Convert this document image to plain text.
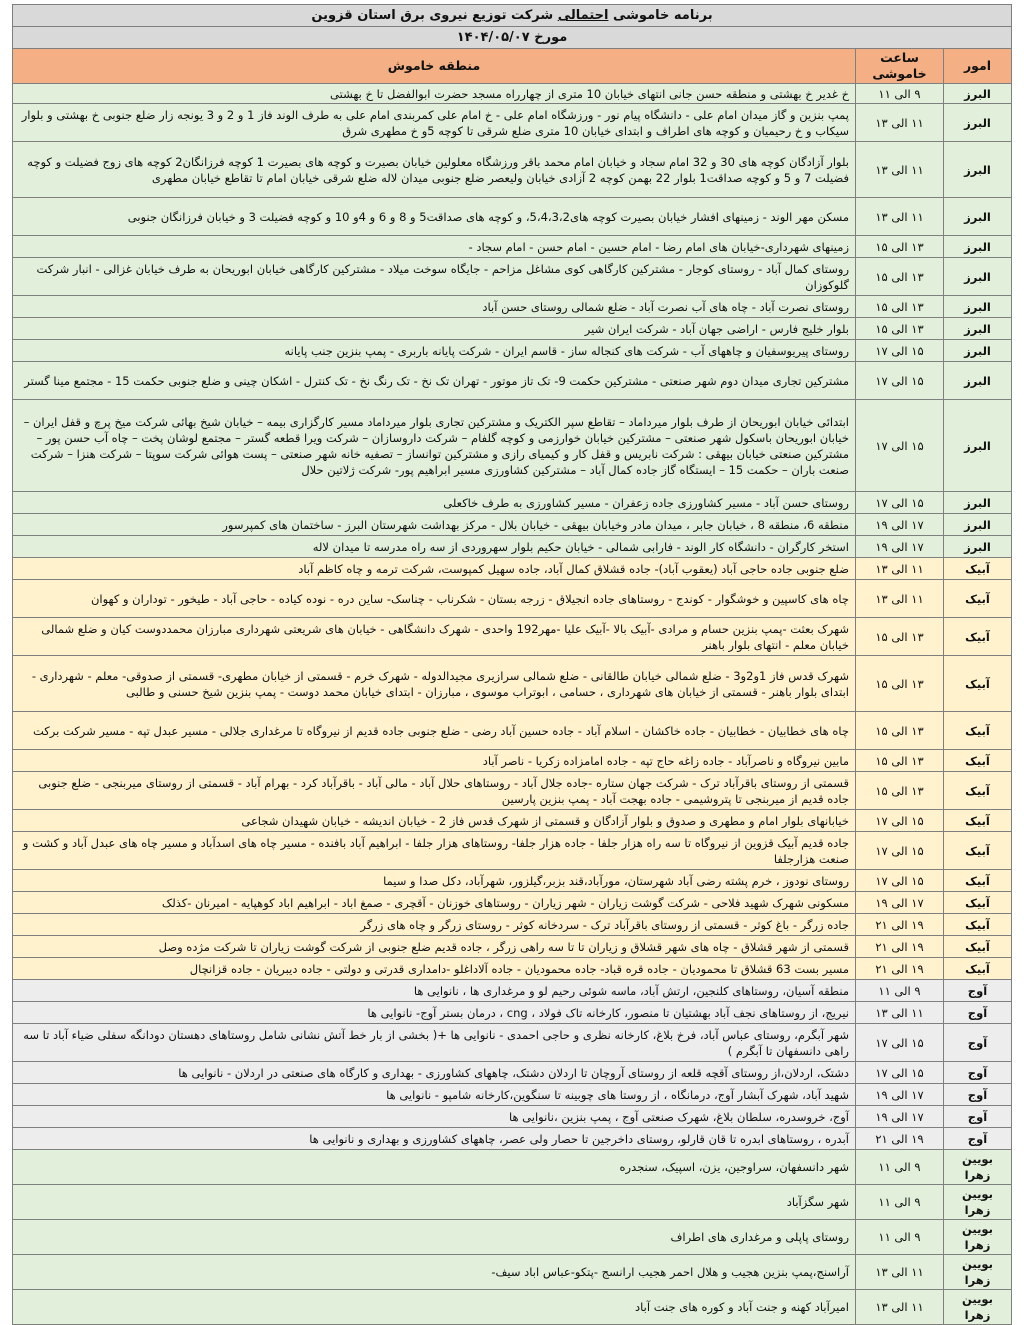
برنامه خاموشی احتمالی شرکت توزیع نیروی برق استان قزوین		
مورخ ۱۴۰۴/۰۵/۰۷		
امور	ساعت خاموشی	منطقه خاموش
البرز	۹ الی ۱۱	خ غدیر خ بهشتی و منطقه حسن جانی انتهای خیابان 10 متری از چهارراه مسجد حضرت ابوالفضل تا خ بهشتی
البرز	۱۱ الی ۱۳	پمپ بنزین و گاز میدان امام علی - دانشگاه پیام نور - ورزشگاه امام علی - خ امام علی کمربندی امام علی به طرف الوند فاز 1 و 2 و 3 یونجه زار ضلع جنوبی خ بهشتی و بلوار سیکاب و خ رحیمیان و کوچه های اطراف و ابتدای خیابان 10 متری ضلع شرقی تا کوچه 5و خ مطهری شرق
البرز	۱۱ الی ۱۳	بلوار آزادگان کوچه های 30 و 32 امام سجاد و خیابان امام محمد باقر ورزشگاه معلولین خیابان بصیرت و کوچه های بصیرت 1 کوچه فرزانگان2 کوچه های زوج فضیلت و کوچه فضیلت 7 و 5 و کوچه صداقت1 بلوار 22 بهمن کوچه 2 آزادی خیابان ولیعصر ضلع جنوبی میدان لاله ضلع شرقی خیابان امام تا تقاطع خیابان مطهری
البرز	۱۱ الی ۱۳	مسکن مهر الوند - زمینهای افشار خیابان بصیرت کوچه های5،4،3،2، و کوچه های صداقت5 و 8 و 6 و 4و 10 و کوچه فضیلت 3 و خیابان فرزانگان جنوبی
البرز	۱۳ الی ۱۵	زمینهای شهرداری-خیابان های امام رضا - امام حسین - امام حسن - امام سجاد -
البرز	۱۳ الی ۱۵	روستای کمال آباد - روستای کوجار - مشترکین کارگاهی کوی مشاغل مزاحم - جایگاه سوخت میلاد - مشترکین کارگاهی خیابان ابوریحان به طرف خیابان غزالی - انبار شرکت گلوکوزان
البرز	۱۳ الی ۱۵	روستای نصرت آباد - چاه های آب نصرت آباد - ضلع شمالی روستای حسن آباد
البرز	۱۳ الی ۱۵	بلوار خلیج فارس - اراضی جهان آباد - شرکت ایران شیر
البرز	۱۵ الی ۱۷	روستای پیریوسفیان و چاههای آب - شرکت های کنجاله ساز - قاسم ایران - شرکت پایانه باربری - پمپ بنزین جنب پایانه
البرز	۱۵ الی ۱۷	مشترکین تجاری میدان دوم شهر صنعتی - مشترکین حکمت 9- تک تاز موتور - تهران تک نخ - تک رنگ نخ - تک کنترل - اشکان چینی و ضلع جنوبی حکمت 15 - مجتمع مینا گستر
البرز	۱۵ الی ۱۷	ابتدائی خیابان ابوریحان از طرف بلوار میرداماد – تقاطع سپر الکتریک و مشترکین تجاری بلوار میرداماد مسیر کارگزاری بیمه – خیابان شیخ بهائی شرکت میخ پرچ و قفل ایران – خیابان ابوریحان باسکول شهر صنعتی – مشترکین خیابان خوارزمی و کوچه گلفام – شرکت داروسازان – شرکت ویرا قطعه گستر – مجتمع لوشان پخت – چاه آب حسن پور – مشترکین صنعتی خیابان بیهقی : شرکت نابریس و قفل کار و کیمیای رازی و مشترکین توانساز – تصفیه خانه شهر صنعتی – پست هوائی شرکت سوپتا – شرکت هنزا – شرکت صنعت باران – حکمت 15 – ایستگاه گاز جاده کمال آباد – مشترکین کشاورزی مسیر ابراهیم پور- شرکت ژلاتین حلال
البرز	۱۵ الی ۱۷	روستای حسن آباد - مسیر کشاورزی جاده زعفران - مسیر کشاورزی به طرف خاکعلی
البرز	۱۷ الی ۱۹	منطقه 6، منطقه 8 ، خیابان جابر ، میدان مادر وخیابان بیهقی - خیابان بلال - مرکز بهداشت شهرستان البرز - ساختمان های کمپرسور
البرز	۱۷ الی ۱۹	استخر کارگران - دانشگاه کار الوند - فارابی شمالی - خیابان حکیم بلوار سهروردی از سه راه مدرسه تا میدان لاله
آبیک	۱۱ الی ۱۳	ضلع جنوبی جاده حاجی آباد (یعقوب آباد)- جاده قشلاق کمال آباد، جاده سهیل کمپوست، شرکت ترمه و چاه کاظم آباد
آبیک	۱۱ الی ۱۳	چاه های کاسپین و خوشگوار - کوندج - روستاهای جاده انجیلاق - زرجه بستان - شکرناب - چناسک- ساین دره - نوده کیاده - حاجی آباد - طیخور - توداران و کهوان
آبیک	۱۳ الی ۱۵	شهرک بعثت -پمپ بنزین حسام و مرادی -آبیک بالا -آبیک علیا -مهر192 واحدی - شهرک دانشگاهی - خیابان های شریعتی شهرداری مبارزان محمددوست کیان و ضلع شمالی خیابان معلم - انتهای بلوار باهنر
آبیک	۱۳ الی ۱۵	شهرک قدس فاز 1و2و3 - ضلع شمالی خیابان طالقانی - ضلع شمالی سرازیری مجیدالدوله - شهرک خرم - قسمتی از خیابان مطهری- قسمتی از صدوقی- معلم - شهرداری - ابتدای بلوار باهنر - قسمتی از خیابان های شهرداری ، حسامی ، ابوتراب موسوی ، مبارزان - ابتدای خیابان محمد دوست - پمپ بنزین شیخ حسنی و طالبی
آبیک	۱۳ الی ۱۵	چاه های خطابیان - خطابیان - جاده خاکشان - اسلام آباد - جاده حسین آباد رضی - ضلع جنوبی جاده قدیم از نیروگاه تا مرغداری جلالی - مسیر عبدل تپه - مسیر شرکت برکت
آبیک	۱۳ الی ۱۵	مابین نیروگاه و ناصرآباد - جاده زاغه حاج تپه - جاده امامزاده زکریا - ناصر آباد
آبیک	۱۳ الی ۱۵	قسمتی از روستای باقرآباد ترک - شرکت جهان ستاره -جاده جلال آباد - روستاهای حلال آباد - مالی آباد - باقرآباد کرد - بهرام آباد - قسمتی از روستای میربنجی - ضلع جنوبی جاده قدیم از میربنجی تا پتروشیمی - جاده بهجت آباد - پمپ بنزین پارسین
آبیک	۱۵ الی ۱۷	خیابانهای بلوار امام و مطهری و صدوق و بلوار آزادگان و قسمتی از شهرک قدس فاز 2 - خیابان اندیشه - خیابان شهیدان شجاعی
آبیک	۱۵ الی ۱۷	جاده قدیم آبیک قزوین از نیروگاه تا سه راه هزار جلفا - جاده هزار جلفا- روستاهای هزار جلفا - ابراهیم آباد بافنده - مسیر چاه های اسدآباد و مسیر چاه های عبدل آباد و کشت و صنعت هزارجلفا
آبیک	۱۵ الی ۱۷	روستای نودوز ، خرم پشته رضی آباد شهرستان، مورآباد،قند بزبر،گیلزور، شهرآباد، دکل صدا و سیما
آبیک	۱۷ الی ۱۹	مسکونی شهرک شهید فلاحی - شرکت گوشت زیاران - شهر زیاران - روستاهای خوزنان - آقچری - صمغ اباد - ابراهیم اباد کوهپایه - امیرنان -کذلک
آبیک	۱۹ الی ۲۱	جاده زرگر - باغ کوثر - قسمتی از روستای باقرآباد ترک - سردخانه کوثر - روستای زرگر و چاه های زرگر
آبیک	۱۹ الی ۲۱	قسمتی از شهر قشلاق - چاه های شهر قشلاق و زیاران تا تا سه راهی زرگر ، جاده قدیم ضلع جنوبی از شرکت گوشت زیاران تا شرکت مژده وصل
آبیک	۱۹ الی ۲۱	مسیر بست 63 قشلاق تا محمودیان - جاده قره قباد- جاده محمودیان - جاده آلاداغلو -دامداری قدرتی و دولتی - جاده دیبریان - جاده قزانچال
آوج	۹ الی ۱۱	منطقه آسیان، روستاهای کلنجین، ارتش آباد، ماسه شوئی رحیم لو و مرغداری ها ، نانوایی ها
آوج	۱۱ الی ۱۳	نیریج، از روستاهای نجف آباد بهشتیان تا منصور، کارخانه تاک فولاد ، cng ، درمان بستر آوج- نانوایی ها
آوج	۱۵ الی ۱۷	شهر آبگرم، روستای عباس آباد، فرخ بلاغ، کارخانه نظری و حاجی احمدی - نانوایی ها +( بخشی از بار خط آتش نشانی شامل روستاهای دهستان دودانگه سفلی ضیاء آباد تا سه راهی دانسفهان تا آبگرم )
آوج	۱۵ الی ۱۷	دشتک، اردلان،از روستای آقچه قلعه از روستای آروچان تا اردلان دشتک، چاههای کشاورزی - بهداری و کارگاه های صنعتی در اردلان - نانوایی ها
آوج	۱۷ الی ۱۹	شهید آباد، شهرک آبشار آوج، درمانگاه ، از روستا های چوبینه تا سنگوین،کارخانه شامپو - نانوایی ها
آوج	۱۷ الی ۱۹	آوج، خروسدره، سلطان بلاغ، شهرک صنعتی آوج ، پمپ بنزین ،نانوایی ها
آوج	۱۹ الی ۲۱	آبدره ، روستاهای ابدره تا قان قارلو، روستای داخرجین تا حصار ولی عصر، چاههای کشاورزی و بهداری و نانوایی ها
بویین زهرا	۹ الی ۱۱	شهر دانسفهان، سراوجین، یزن، اسپیک، سنجدره
بویین زهرا	۹ الی ۱۱	شهر سگزآباد
بویین زهرا	۹ الی ۱۱	روستای پاپلی و مرغداری های اطراف
بویین زهرا	۱۱ الی ۱۳	آراسنج،پمپ بنزین هجیب و هلال احمر هجیب ارانسج -پتکو-عباس اباد سیف-
بویین زهرا	۱۱ الی ۱۳	امیرآباد کهنه و جنت آباد و کوره های جنت آباد
